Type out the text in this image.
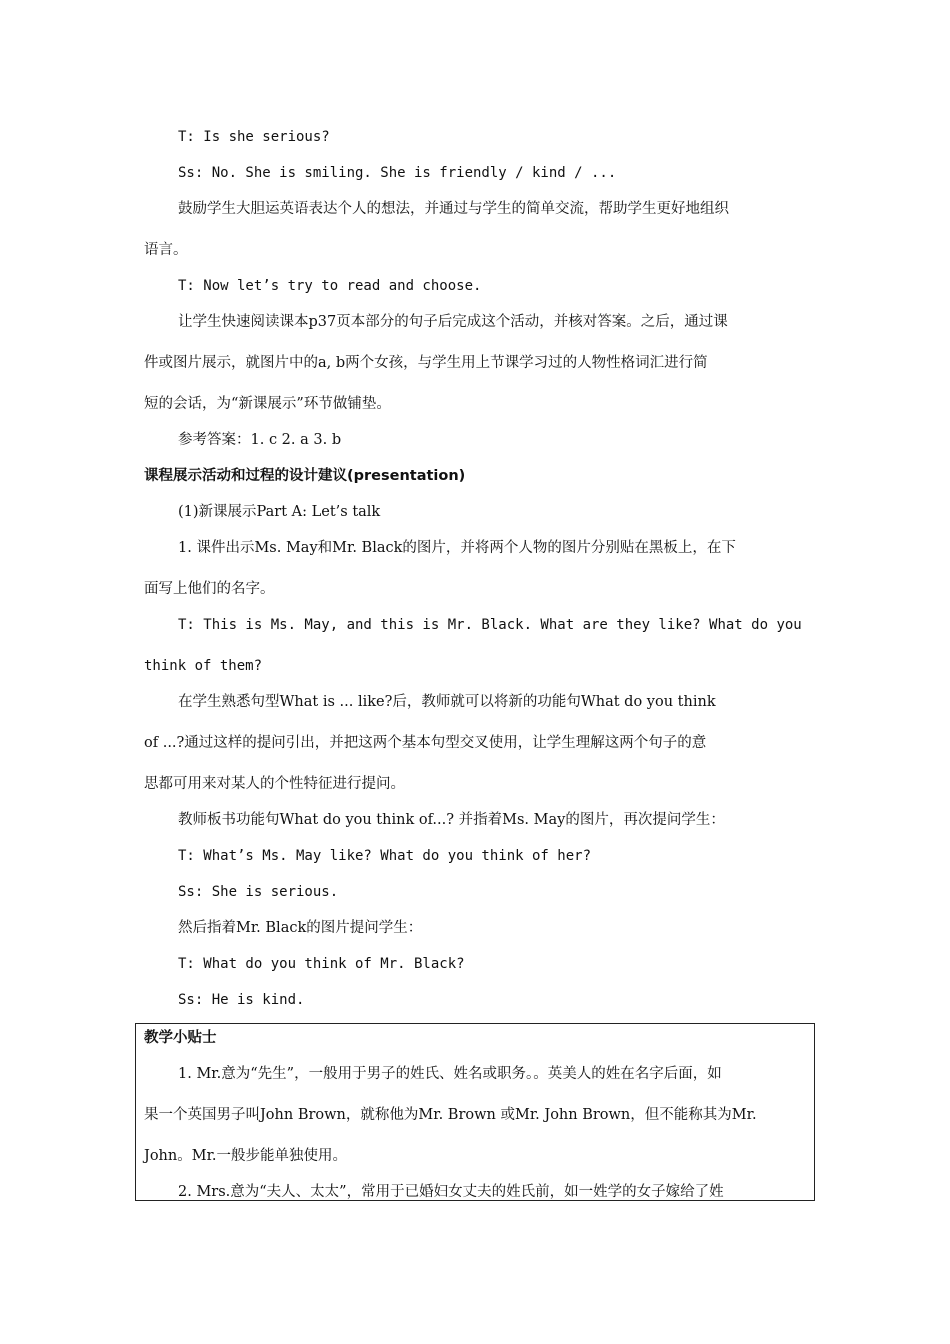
T: Is she serious?
Ss: No. She is smiling. She is friendly / kind / ...
鼓励学生大胆运英语表达个人的想法，并通过与学生的简单交流，帮助学生更好地组织
语言。
T: Now let’s try to read and choose.
让学生快速阅读课本p37页本部分的句子后完成这个活动，并核对答案。之后，通过课
件或图片展示，就图片中的a, b两个女孩，与学生用上节课学习过的人物性格词汇进行简
短的会话，为“新课展示”环节做铺垫。
参考答案：1. c 2. a 3. b
课程展示活动和过程的设计建议(presentation)
(1)新课展示Part A: Let’s talk
1. 课件出示Ms. May和Mr. Black的图片，并将两个人物的图片分别贴在黑板上，在下
面写上他们的名字。
T: This is Ms. May, and this is Mr. Black. What are they like? What do you
think of them?
在学生熟悉句型What is ... like?后，教师就可以将新的功能句What do you think
of ...?通过这样的提问引出，并把这两个基本句型交叉使用，让学生理解这两个句子的意
思都可用来对某人的个性特征进行提问。
教师板书功能句What do you think of...? 并指着Ms. May的图片，再次提问学生：
T: What’s Ms. May like? What do you think of her?
Ss: She is serious.
然后指着Mr. Black的图片提问学生：
T: What do you think of Mr. Black?
Ss: He is kind.
教学小贴士
1. Mr.意为“先生”，一般用于男子的姓氏、姓名或职务。。英美人的姓在名字后面，如
果一个英国男子叫John Brown，就称他为Mr. Brown 或Mr. John Brown，但不能称其为Mr.
John。Mr.一般步能单独使用。
2. Mrs.意为“夫人、太太”，常用于已婚妇女丈夫的姓氏前，如一姓学的女子嫁给了姓
